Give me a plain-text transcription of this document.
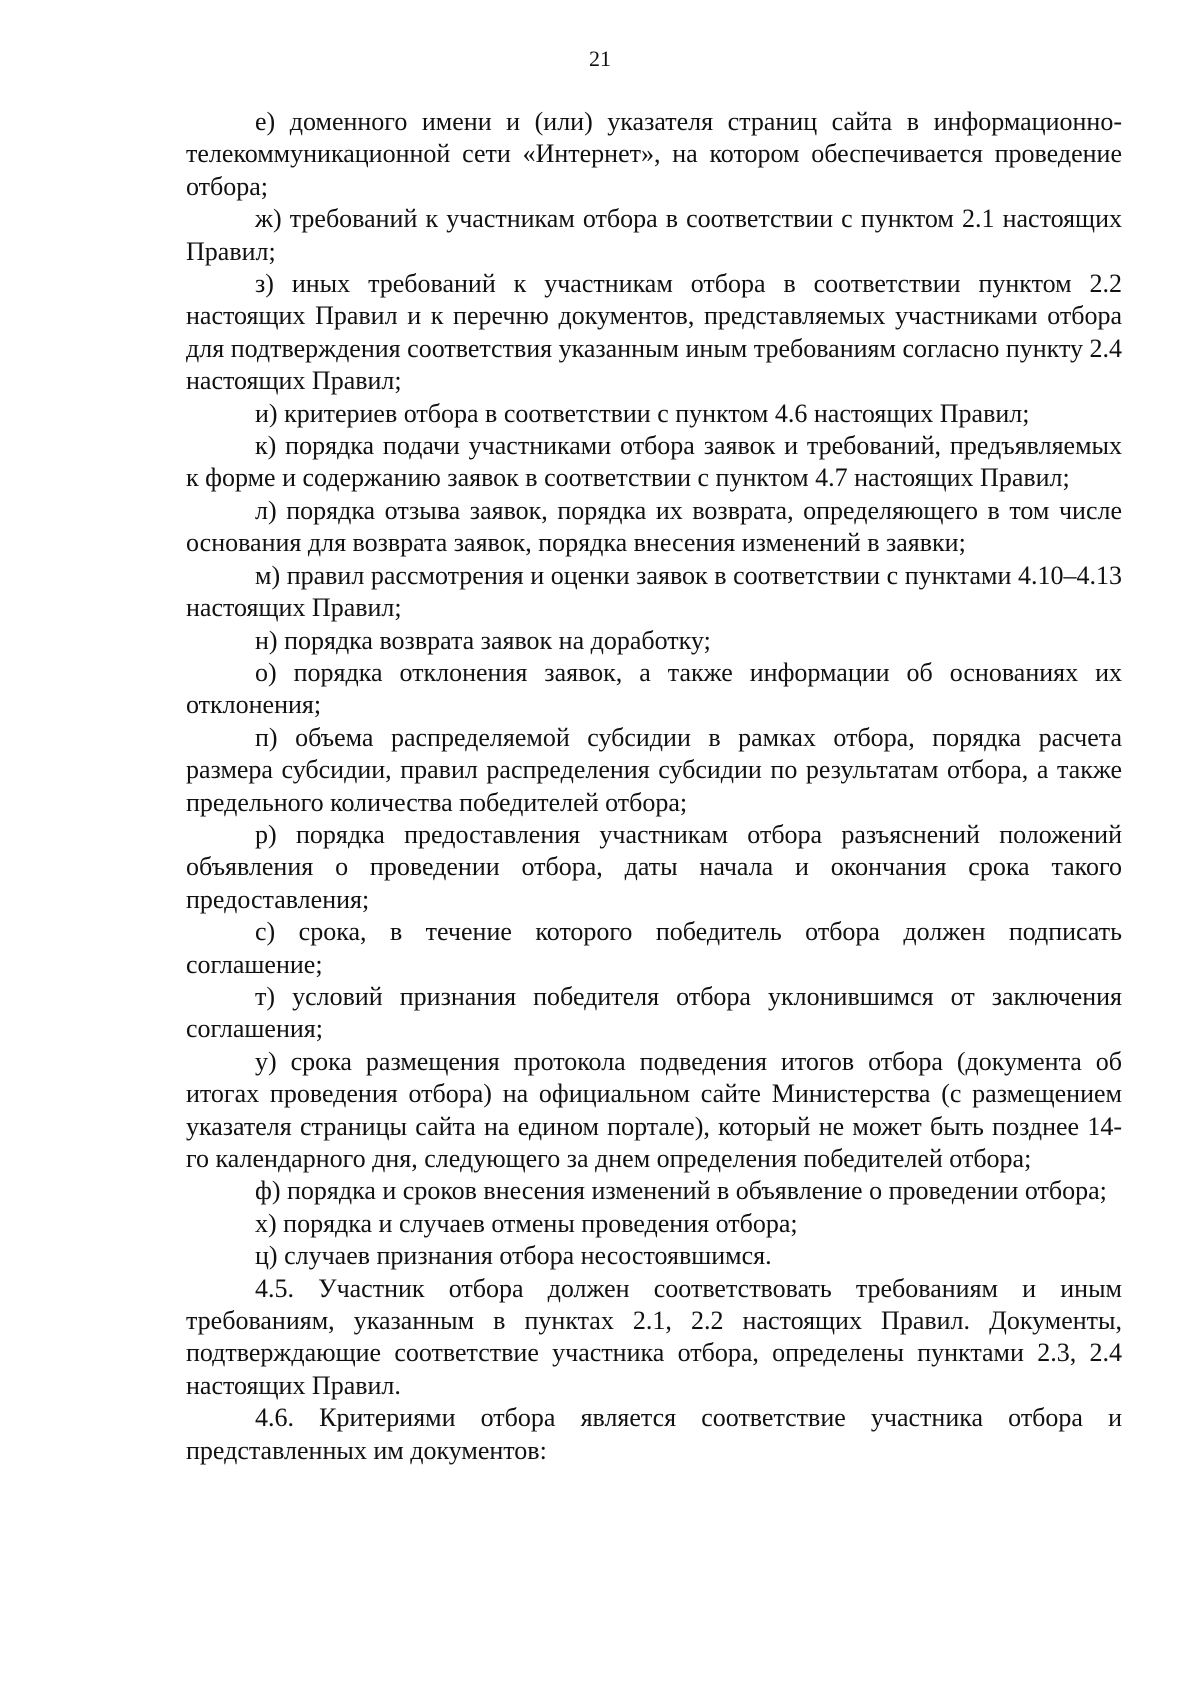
21

е) доменного имени и (или) указателя страниц сайта в информационно-телекоммуникационной сети «Интернет», на котором обеспечивается проведение отбора;

ж) требований к участникам отбора в соответствии с пунктом 2.1 настоящих Правил;

з) иных требований к участникам отбора в соответствии пунктом 2.2 настоящих Правил и к перечню документов, представляемых участниками отбора для подтверждения соответствия указанным иным требованиям согласно пункту 2.4 настоящих Правил;

и) критериев отбора в соответствии с пунктом 4.6 настоящих Правил;

к) порядка подачи участниками отбора заявок и требований, предъявляемых к форме и содержанию заявок в соответствии с пунктом 4.7 настоящих Правил;

л) порядка отзыва заявок, порядка их возврата, определяющего в том числе основания для возврата заявок, порядка внесения изменений в заявки;

м) правил рассмотрения и оценки заявок в соответствии с пунктами 4.10–4.13 настоящих Правил;

н) порядка возврата заявок на доработку;

о) порядка отклонения заявок, а также информации об основаниях их отклонения;

п) объема распределяемой субсидии в рамках отбора, порядка расчета размера субсидии, правил распределения субсидии по результатам отбора, а также предельного количества победителей отбора;

р) порядка предоставления участникам отбора разъяснений положений объявления о проведении отбора, даты начала и окончания срока такого предоставления;

с) срока, в течение которого победитель отбора должен подписать соглашение;

т) условий признания победителя отбора уклонившимся от заключения соглашения;

у) срока размещения протокола подведения итогов отбора (документа об итогах проведения отбора) на официальном сайте Министерства (с размещением указателя страницы сайта на едином портале), который не может быть позднее 14-го календарного дня, следующего за днем определения победителей отбора;

ф) порядка и сроков внесения изменений в объявление о проведении отбора;

х) порядка и случаев отмены проведения отбора;

ц) случаев признания отбора несостоявшимся.

4.5. Участник отбора должен соответствовать требованиям и иным требованиям, указанным в пунктах 2.1, 2.2 настоящих Правил. Документы, подтверждающие соответствие участника отбора, определены пунктами 2.3, 2.4 настоящих Правил.

4.6. Критериями отбора является соответствие участника отбора и представленных им документов:
